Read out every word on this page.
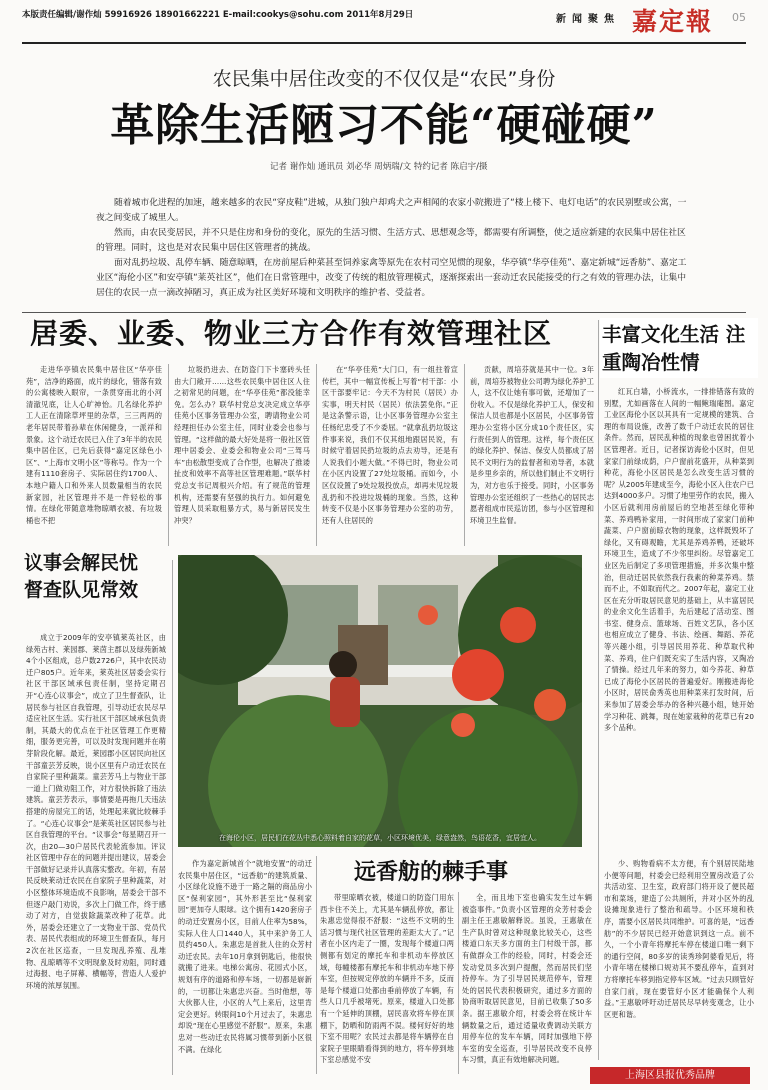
本版责任编辑/谢作灿 59916926 18901662221 E-mail:cookys@sohu.com 2011年8月29日	新闻聚焦 嘉定報 05
农民集中居住改变的不仅仅是“农民”身份
革除生活陋习不能“硬碰硬”
记者 谢作灿 通讯员 刘必华 周炳瑞/文 特约记者 陈启宇/摄

随着城市化进程的加速，越来越多的农民“穿皮鞋”进城，从独门独户却鸡犬之声相闻的农家小院搬进了“楼上楼下、电灯电话”的农民别墅或公寓，一夜之间变成了城里人。

然而，由农民变居民，并不只是住房和身份的变化，原先的生活习惯、生活方式、思想观念等，都需要有所调整，使之适应新建的农民集中居住社区的管理。同时，这也是对农民集中居住区管理者的挑战。

面对乱扔垃圾、乱停车辆、随意晾晒，在房前屋后种菜甚至饲养家禽等原先在农村司空见惯的现象，华亭镇“华亭佳苑”、嘉定新城“远香舫”、嘉定工业区“海伦小区”和安亭镇“莱英社区”，他们在日常管理中，改变了传统的粗放管理模式，逐渐探索出一套动迁农民能接受的行之有效的管理办法，让集中居住的农民一点一滴改掉陋习，真正成为社区美好环境和文明秩序的维护者、受益者。

居委、业委、物业三方合作有效管理社区	丰富文化生活 注重陶冶性情
议事会解民忧 督查队见常效
远香舫的棘手事

走进华亭镇农民集中居住区“华亭佳苑”，洁净的路面，成片的绿化，错落有致的公寓楼映入眼帘，一条贯穿南北的小河清澈见底，让人心旷神怡。几名绿化养护工人正在清除草坪里的杂草，三三两两的老年居民带着孙辈在休闲健身，一派祥和景象。这个动迁农民已入住了3年半的农民集中居住区，已先后获得“嘉定区绿色小区”、“上海市文明小区”等称号。作为一个建有1110套房子、实际居住约1700人、本地户籍人口和外来人员数量相当的农民新家园，社区管理并不是一件轻松的事情。在绿化带随意堆物晾晒衣被、有垃圾桶也不把

垃圾扔进去、在防盗门下卡塞砖头任由大门敞开……这些农民集中居住区人住之初常见的问题，在“华亭佳苑”都没能幸免。怎么办？联华村党总支决定成立华亭佳苑小区事务管理办公室，聘请物业公司经理担任办公室主任，同时业委会也参与管理。“这样做的最大好处是将一般社区管理中居委会、业委会和物业公司“三驾马车”由松散型变成了合作型，也解决了推诿扯皮和效率不高等社区管理难题。”联华村党总支书记周根兴介绍。有了规范的管理机构，还需要有坚强的执行力。如何避免管理人员采取粗暴方式，易与新居民发生冲突？

在“华亭佳苑”大门口，有一组拄着宣传栏，其中一幅宣传板上写着“村干部：小区干部要牢记：今天不为村民（居民）办实事，明天村民（居民）依法罢免你。”正是这条警示语，让小区事务管理办公室主任杨纪忠受了不少委屈。“就拿乱扔垃圾这件事来说，我们不仅其组地跟居民说，有时候守着居民扔垃圾的点去劝导，还是有人说我们小题大做。”不得已时，物业公司在小区内设置了27处垃圾桶。而如今，小区仅设置了9处垃圾投放点，却再未见垃圾乱扔和不投进垃圾桶的现象。当然，这种转变不仅是小区事务管理办公室的功劳，还有人住居民的

贡献，周培芬就是其中一位。3年前，周培芬被物业公司聘为绿化养护工人，这不仅让她有事可做，还增加了一份收入。不仅是绿化养护工人，保安和保洁人员也都是小区居民，小区事务管理办公室将小区分成10个责任区，实行责任到人的管理。这样，每个责任区的绿化养护、保洁、保安人员都成了居民不文明行为的监督者和劝导者，本就是乡里乡亲的，所以他们制止不文明行为，对方也乐于接受。同时，小区事务管理办公室还组织了一些热心的居民志愿者组成市民巡访团，参与小区管理和环境卫生监督。

红瓦白墙，小桥流水，一排排错落有致的别墅，尤如画落在人间的一幅鲍瑞庵图。嘉定工业区海伦小区以其具有一定规模的建筑、合理的布局设施，改善了数千户动迁农民的居住条件。然而，居民乱种植的现象也曾困扰着小区管理者。近日，记者探访海伦小区时，但见家家门前绿成荫，户户窗前花盛开，从种菜到种花，海伦小区居民是怎么改变生活习惯的呢？从2005年建成至今，海伦小区入住农户已达到4000多户。习惯了地里劳作的农民，搬入小区后就利用房前屋后的空地甚至绿化带种菜、养鸡鸭补家用，一时间形成了家家门前种蔬菜、户户窗前晾衣物的现象，这样既毁坏了绿化，又有碍观瞻，尤其是养鸡养鸭，还破坏环境卫生，造成了不少邻里纠纷。尽管嘉定工业区先后制定了多项管理措施，并多次集中整治，但动迁居民依然我行我素的种菜养鸡。禁而不止，不如取而代之。2007年起，嘉定工业区在充分听取居民意见的基础上，从丰富居民的业余文化生活着手，先后建起了活动室、图书室、健身点、篮球场、百姓文艺队，各小区也相应成立了健身、书法、绘画、舞蹈、养花等兴趣小组，引导居民用养花、种草取代种菜、养鸡，住户们既充实了生活内容，又陶冶了情操。经过几年来的努力，如今养花、种草已成了海伦小区居民的普遍爱好。刚搬进海伦小区时，居民俞秀英也用种菜来打发时间，后来参加了居委会举办的各种兴趣小组，她开始学习种花、跳舞，现在她家栽种的花草已有20多个品种。

在海伦小区，居民们在花丛中悉心照料着自家的花草，小区环境优美，绿意盎然，鸟语花香，宜居宜人。

成立于2009年的安亭镇莱英社区，由绿苑古村、莱园郡、莱茵主郡以及绿苑新城4个小区组成，总户数2726户，其中农民动迁户805户。近年来，莱英社区居委会实行社区干部区域承包责任制，坚持定期召开“心连心议事会”，成立了卫生督查队，让居民参与社区自我管理，引导动迁农民尽早适应社区生活。实行社区干部区域承包负责制，其最大的优点在于社区管理工作更精细，服务更完善，可以及时发现问题并在萌芽阶段化解。最近，莱园郡小区居民向社区干部童芸芳反映，说小区里有户动迁农民在自家院子里种蔬菜。童芸芳马上与物业干部一道上门做劝阻工作，对方很快拆除了违法建筑。童芸芳表示，事情要是再拖几天违法搭建的房屋完工的话，处理起来就比较棘手了。“心连心议事会”是莱英社区居民参与社区自我管理的平台。“议事会”每星期召开一次，由20—30户居民代表轮流参加。评议社区管理中存在的问题并提出建议，居委会干部做好记录并认真落实整改。年初，有居民反映莱动迁农民在自家院子里种蔬菜，对小区整体环境造成不良影响，居委会干部不但逐户敲门劝说，多次上门做工作，终于感动了对方，自觉拔除蔬菜改种了花草。此外，居委会还建立了一支物业干部、党员代表、居民代表组成的环境卫生督查队，每月2次在社区巡查，一旦发现乱养殖、乱堆物、乱晾晒等不文明现象及时劝阻，同时通过海报、电子屏幕、横幅等，营造人人爱护环境的浓厚氛围。

作为嘉定新城首个“就地安置”的动迁农民集中居住区，“远香舫”的建筑质量、小区绿化设施不逊于一路之隔的商品房小区“保利家园”，其外形甚至比“保利家园”更加夺人眼球。这个拥有1420套房子的动迁安置房小区，目前人住率为58%，实际人住人口1440人，其中来沪务工人员约450人。朱惠忠是首批人住的众芳村动迁农民。去年10月拿到钥匙后，他很快就搬了进来。电梯公寓房、花园式小区，规划有序的道路和停车场，一切都是崭新的，一切都让朱惠忠兴奋。当时他想，等大伙都人住，小区的人气上来后，这里肯定会更好。转眼间10个月过去了，朱惠忠却说“现在心里感觉不舒服”。原来，朱惠忠对一些动迁农民将属习惯带到新小区很不满。在绿化

带里晾晒衣被，楼道口的防盗门用东西卡住不关上，尤其是车辆乱停放，都让朱惠忠觉得很不舒服：“这些不文明的生活习惯与现代社区管理的差距太大了。”记者在小区内走了一圈，发现每个楼道口两侧都有划定的摩托车和非机动车停放区域，每幢楼都有摩托车和非机动车地下停车室，但按规定停放的车辆并不多，反而是每个楼道口处都由垂前停放了车辆，有些人口几乎被堵死。原来，楼道入口处都有一个延伸的顶棚，居民喜欢将车停在顶棚下，防晒和防雨两不误。楼何好好的地下室不用呢？农民过去都是将车辆停在自家院子里眼睛看得到的地方，将车停到地下室总感觉不安

全，而且地下室也确实发生过车辆被盗事件。”负责小区管理的众芳村委会副主任王惠敏解释说。虽说，王惠敏在生产队时曾对这种现象比较关心，这些楼道口东天多方面的主门村级干部，都有做群众工作的经验，同时，村委会还发动党员多次到户提醒，然而居民们坚持停车。为了引导居民规范停车，管理处的居民代表积极研究，通过多方面的协商听取居民意见，目前已收集了50多条。据王惠敏介绍，村委会将在统计车辆数量之后，通过适量收费调动关联方用停车位的发车车辆，同时加强地下停车室的安全巡查，引导居民改变不良停车习惯，真正有效地解决问题。

少、购物看病不太方便，有个别居民陆地小便等问题，村委会已经利用空置房改造了公共活动室、卫生室，政府部门将开设了便民超市和菜场，建造了公共厕所，并对小区外的乱设摊现象进行了整治和疏导。小区环境和秩序，需要小区居民共同维护。可喜的是，“远香舫”的不少居民已经开始意识到这一点。前不久，一个小青年将摩托车停在楼道口唯一剩下的通行空间，80多岁的读秀珍阿婆看见后，将小青年堵在楼梯口规劝其不要乱停车，直到对方将摩托车移到指定停车区域。“过去只顾管好自家门前，现在要管好小区才能确保个人利益。”王惠敏呼吁动迁居民尽早转变观念，让小区更和谐。

上海区县报优秀品牌
